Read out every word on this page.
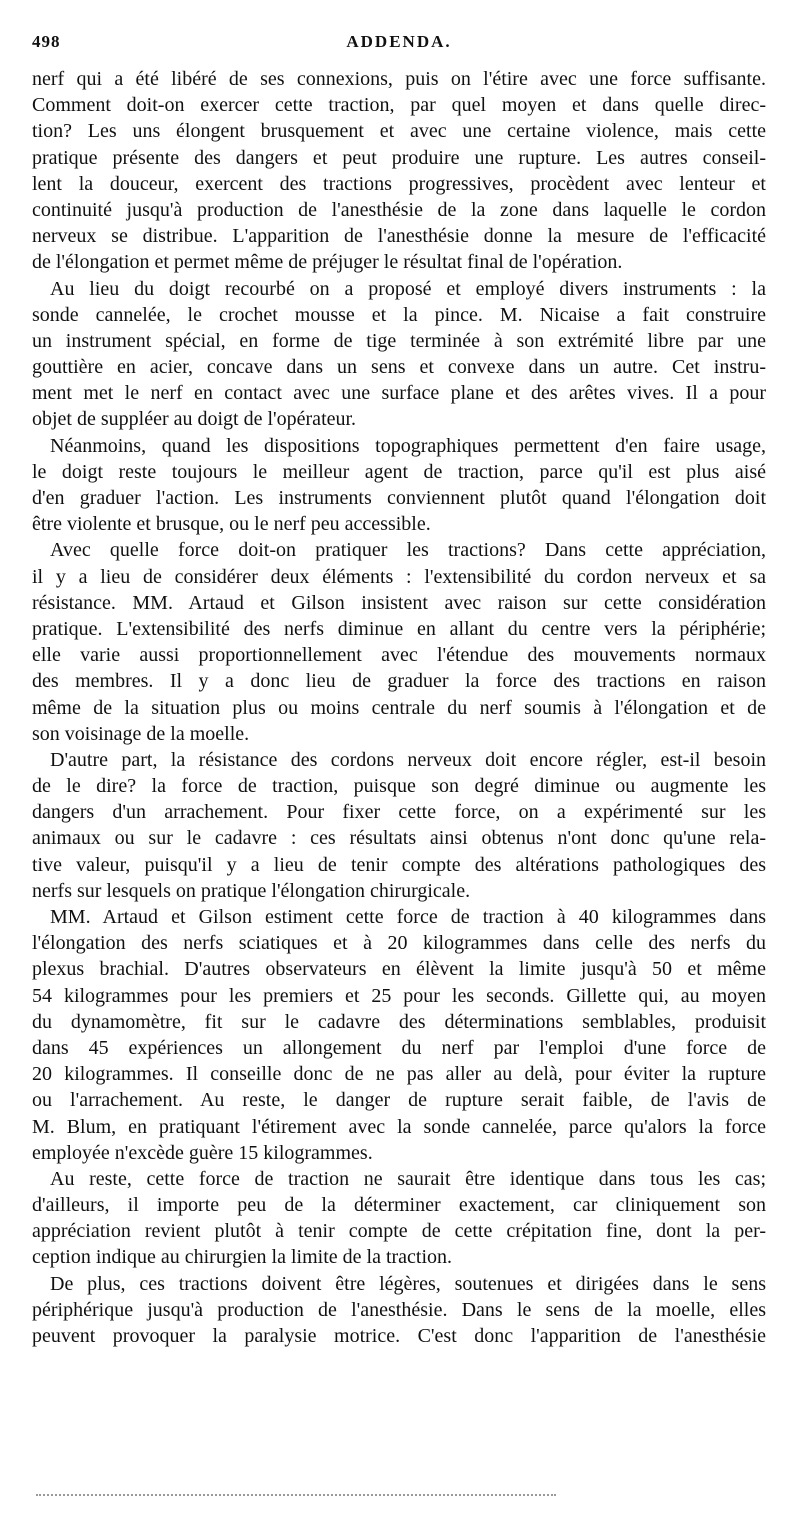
498	ADDENDA.
nerf qui a été libéré de ses connexions, puis on l'étire avec une force suffisante.
Comment doit-on exercer cette traction, par quel moyen et dans quelle direc-
tion? Les uns élongent brusquement et avec une certaine violence, mais cette
pratique présente des dangers et peut produire une rupture. Les autres conseil-
lent la douceur, exercent des tractions progressives, procèdent avec lenteur et
continuité jusqu'à production de l'anesthésie de la zone dans laquelle le cordon
nerveux se distribue. L'apparition de l'anesthésie donne la mesure de l'efficacité
de l'élongation et permet même de préjuger le résultat final de l'opération.
Au lieu du doigt recourbé on a proposé et employé divers instruments : la
sonde cannelée, le crochet mousse et la pince. M. Nicaise a fait construire
un instrument spécial, en forme de tige terminée à son extrémité libre par une
gouttière en acier, concave dans un sens et convexe dans un autre. Cet instru-
ment met le nerf en contact avec une surface plane et des arêtes vives. Il a pour
objet de suppléer au doigt de l'opérateur.
Néanmoins, quand les dispositions topographiques permettent d'en faire usage,
le doigt reste toujours le meilleur agent de traction, parce qu'il est plus aisé
d'en graduer l'action. Les instruments conviennent plutôt quand l'élongation doit
être violente et brusque, ou le nerf peu accessible.
Avec quelle force doit-on pratiquer les tractions? Dans cette appréciation,
il y a lieu de considérer deux éléments : l'extensibilité du cordon nerveux et sa
résistance. MM. Artaud et Gilson insistent avec raison sur cette considération
pratique. L'extensibilité des nerfs diminue en allant du centre vers la périphérie;
elle varie aussi proportionnellement avec l'étendue des mouvements normaux
des membres. Il y a donc lieu de graduer la force des tractions en raison
même de la situation plus ou moins centrale du nerf soumis à l'élongation et de
son voisinage de la moelle.
D'autre part, la résistance des cordons nerveux doit encore régler, est-il besoin
de le dire? la force de traction, puisque son degré diminue ou augmente les
dangers d'un arrachement. Pour fixer cette force, on a expérimenté sur les
animaux ou sur le cadavre : ces résultats ainsi obtenus n'ont donc qu'une rela-
tive valeur, puisqu'il y a lieu de tenir compte des altérations pathologiques des
nerfs sur lesquels on pratique l'élongation chirurgicale.
MM. Artaud et Gilson estiment cette force de traction à 40 kilogrammes dans
l'élongation des nerfs sciatiques et à 20 kilogrammes dans celle des nerfs du
plexus brachial. D'autres observateurs en élèvent la limite jusqu'à 50 et même
54 kilogrammes pour les premiers et 25 pour les seconds. Gillette qui, au moyen
du dynamomètre, fit sur le cadavre des déterminations semblables, produisit
dans 45 expériences un allongement du nerf par l'emploi d'une force de
20 kilogrammes. Il conseille donc de ne pas aller au delà, pour éviter la rupture
ou l'arrachement. Au reste, le danger de rupture serait faible, de l'avis de
M. Blum, en pratiquant l'étirement avec la sonde cannelée, parce qu'alors la force
employée n'excède guère 15 kilogrammes.
Au reste, cette force de traction ne saurait être identique dans tous les cas;
d'ailleurs, il importe peu de la déterminer exactement, car cliniquement son
appréciation revient plutôt à tenir compte de cette crépitation fine, dont la per-
ception indique au chirurgien la limite de la traction.
De plus, ces tractions doivent être légères, soutenues et dirigées dans le sens
périphérique jusqu'à production de l'anesthésie. Dans le sens de la moelle, elles
peuvent provoquer la paralysie motrice. C'est donc l'apparition de l'anesthésie
